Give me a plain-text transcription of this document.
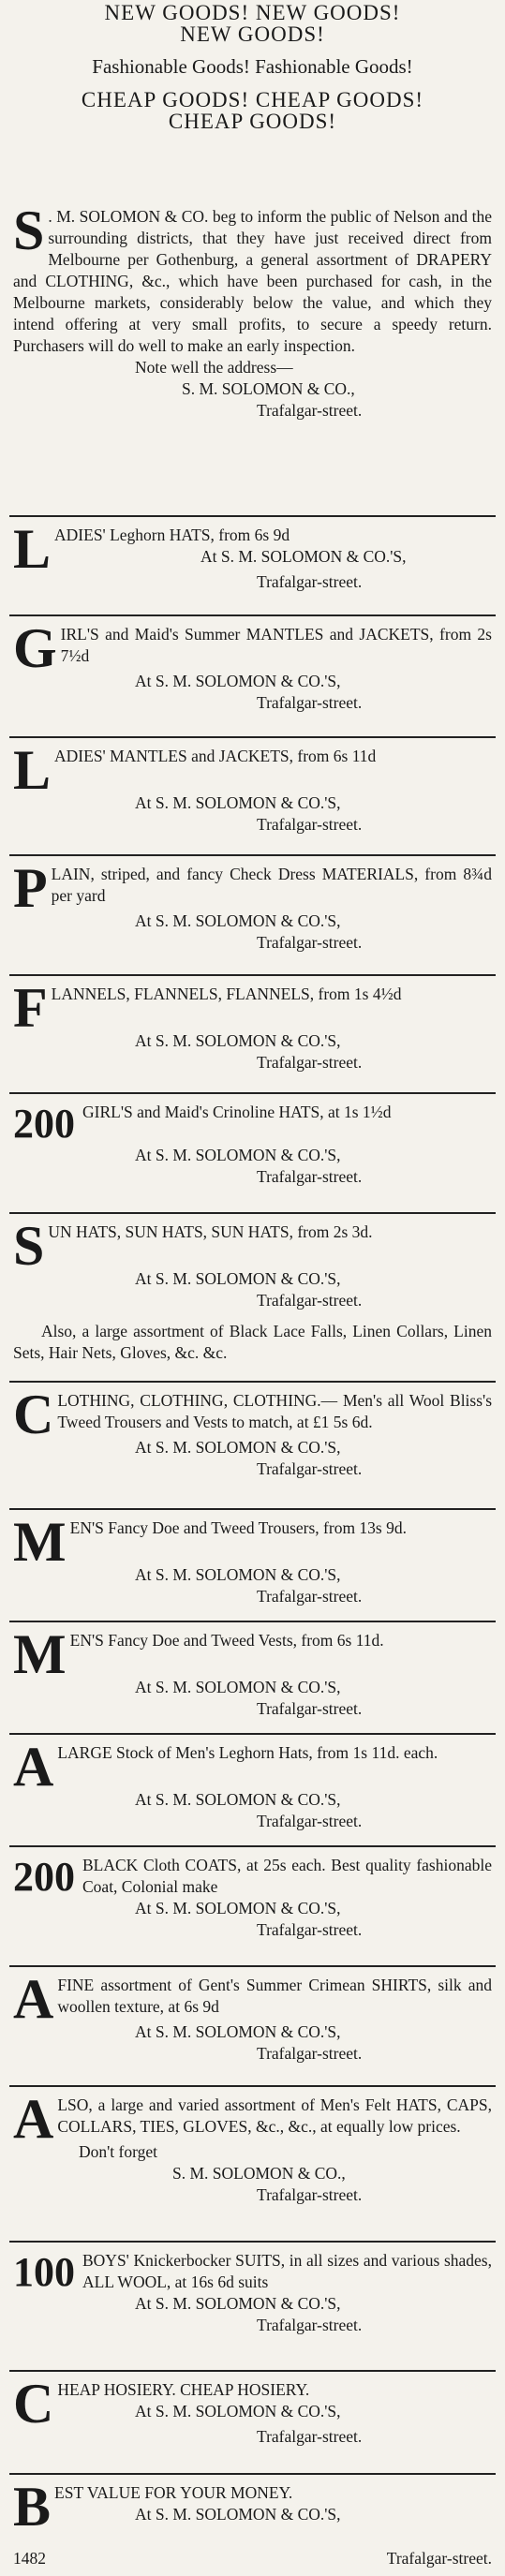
NEW GOODS! NEW GOODS!

NEW GOODS!

Fashionable Goods! Fashionable Goods!

CHEAP GOODS! CHEAP GOODS!

CHEAP GOODS!

S . M. SOLOMON & CO. beg to inform the public of Nelson and the surrounding districts, that they have just received direct from Melbourne per Gothenburg, a general assortment of DRAPERY and CLOTHING, &c., which have been purchased for cash, in the Melbourne markets, considerably below the value, and which they intend offering at very small profits, to secure a speedy return. Purchasers will do well to make an early inspection.

Note well the address—

S. M. SOLOMON & CO.,

Trafalgar-street.

LADIES' Leghorn HATS, from 6s 9d

At S. M. SOLOMON & CO.'S,

Trafalgar-street.

GIRL'S and Maid's Summer MANTLES and JACKETS, from 2s 7½d

At S. M. SOLOMON & CO.'S,

Trafalgar-street.

LADIES' MANTLES and JACKETS, from 6s 11d

At S. M. SOLOMON & CO.'S,

Trafalgar-street.

PLAIN, striped, and fancy Check Dress MATERIALS, from 8¾d per yard

At S. M. SOLOMON & CO.'S,

Trafalgar-street.

FLANNELS, FLANNELS, FLANNELS, from 1s 4½d

At S. M. SOLOMON & CO.'S,

Trafalgar-street.

200 GIRL'S and Maid's Crinoline HATS, at 1s 1½d

At S. M. SOLOMON & CO.'S,

Trafalgar-street.

SUN HATS, SUN HATS, SUN HATS, from 2s 3d.

At S. M. SOLOMON & CO.'S,

Trafalgar-street.

Also, a large assortment of Black Lace Falls, Linen Collars, Linen Sets, Hair Nets, Gloves, &c. &c.

CLOTHING, CLOTHING, CLOTHING.— Men's all Wool Bliss's Tweed Trousers and Vests to match, at £1 5s 6d.

At S. M. SOLOMON & CO.'S,

Trafalgar-street.

MEN'S Fancy Doe and Tweed Trousers, from 13s 9d.

At S. M. SOLOMON & CO.'S,

Trafalgar-street.

MEN'S Fancy Doe and Tweed Vests, from 6s 11d.

At S. M. SOLOMON & CO.'S,

Trafalgar-street.

ALARGE Stock of Men's Leghorn Hats, from 1s 11d. each.

At S. M. SOLOMON & CO.'S,

Trafalgar-street.

200 BLACK Cloth COATS, at 25s each. Best quality fashionable Coat, Colonial make

At S. M. SOLOMON & CO.'S,

Trafalgar-street.

AFINE assortment of Gent's Summer Crimean SHIRTS, silk and woollen texture, at 6s 9d

At S. M. SOLOMON & CO.'S,

Trafalgar-street.

ALSO, a large and varied assortment of Men's Felt HATS, CAPS, COLLARS, TIES, GLOVES, &c., &c., at equally low prices.

Don't forget

S. M. SOLOMON & CO.,

Trafalgar-street.

100 BOYS' Knickerbocker SUITS, in all sizes and various shades, ALL WOOL, at 16s 6d suits

At S. M. SOLOMON & CO.'S,

Trafalgar-street.

CHEAP HOSIERY. CHEAP HOSIERY.

At S. M. SOLOMON & CO.'S,

Trafalgar-street.

BEST VALUE FOR YOUR MONEY.

At S. M. SOLOMON & CO.'S,

1482	Trafalgar-street.
